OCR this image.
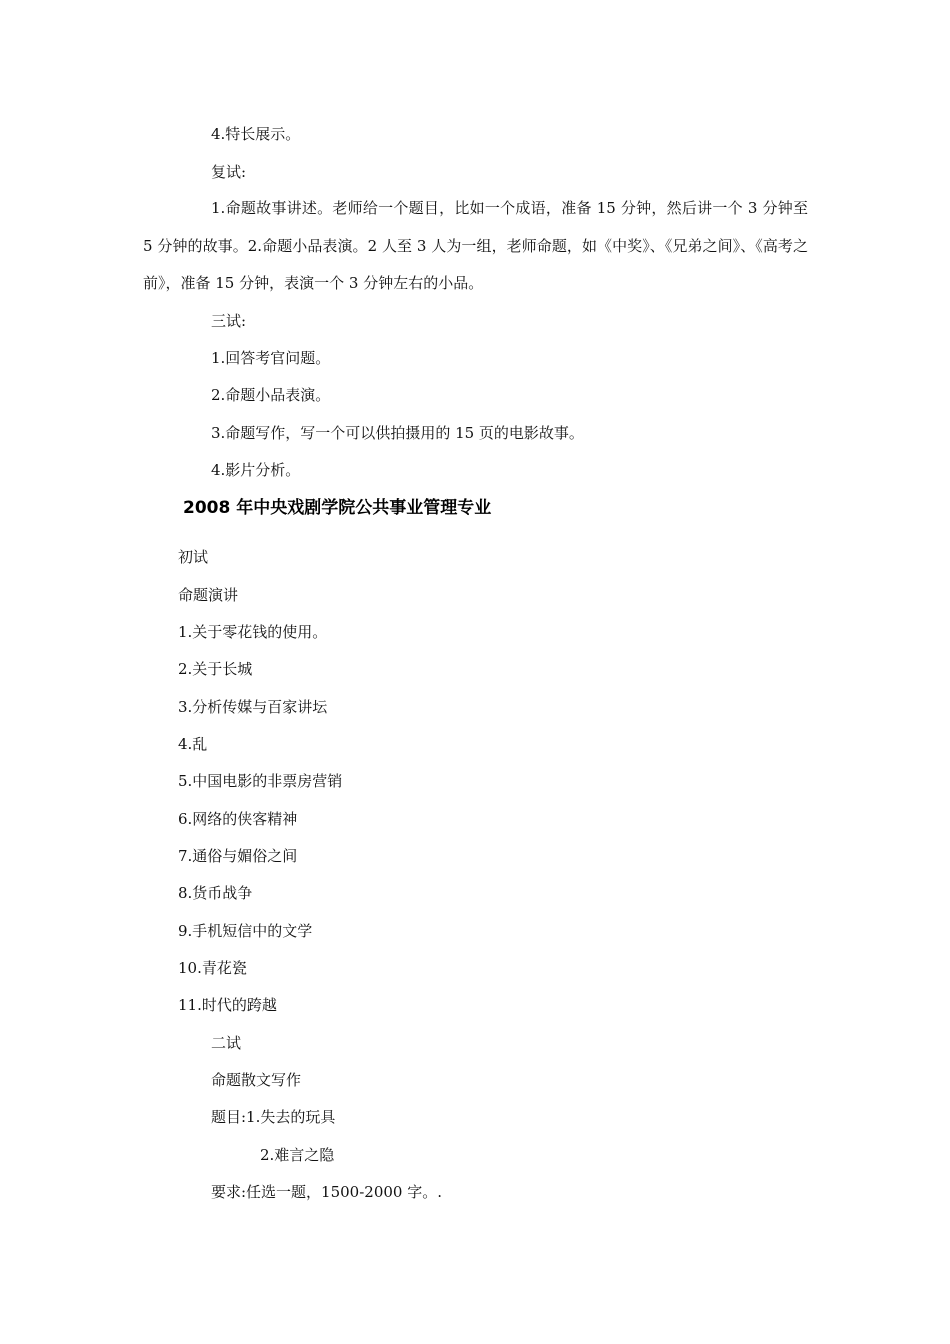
4.特长展示。
复试:
1.命题故事讲述。老师给一个题目，比如一个成语，准备 15 分钟，然后讲一个 3 分钟至 5 分钟的故事。2.命题小品表演。2 人至 3 人为一组，老师命题，如《中奖》、《兄弟之间》、《高考之前》，准备 15 分钟，表演一个 3 分钟左右的小品。
三试:
1.回答考官问题。
2.命题小品表演。
3.命题写作，写一个可以供拍摄用的 15 页的电影故事。
4.影片分析。
2008 年中央戏剧学院公共事业管理专业
初试
命题演讲
1.关于零花钱的使用。
2.关于长城
3.分析传媒与百家讲坛
4.乱
5.中国电影的非票房营销
6.网络的侠客精神
7.通俗与媚俗之间
8.货币战争
9.手机短信中的文学
10.青花瓷
11.时代的跨越
二试
命题散文写作
题目:1.失去的玩具
2.难言之隐
要求:任选一题，1500-2000 字。.
